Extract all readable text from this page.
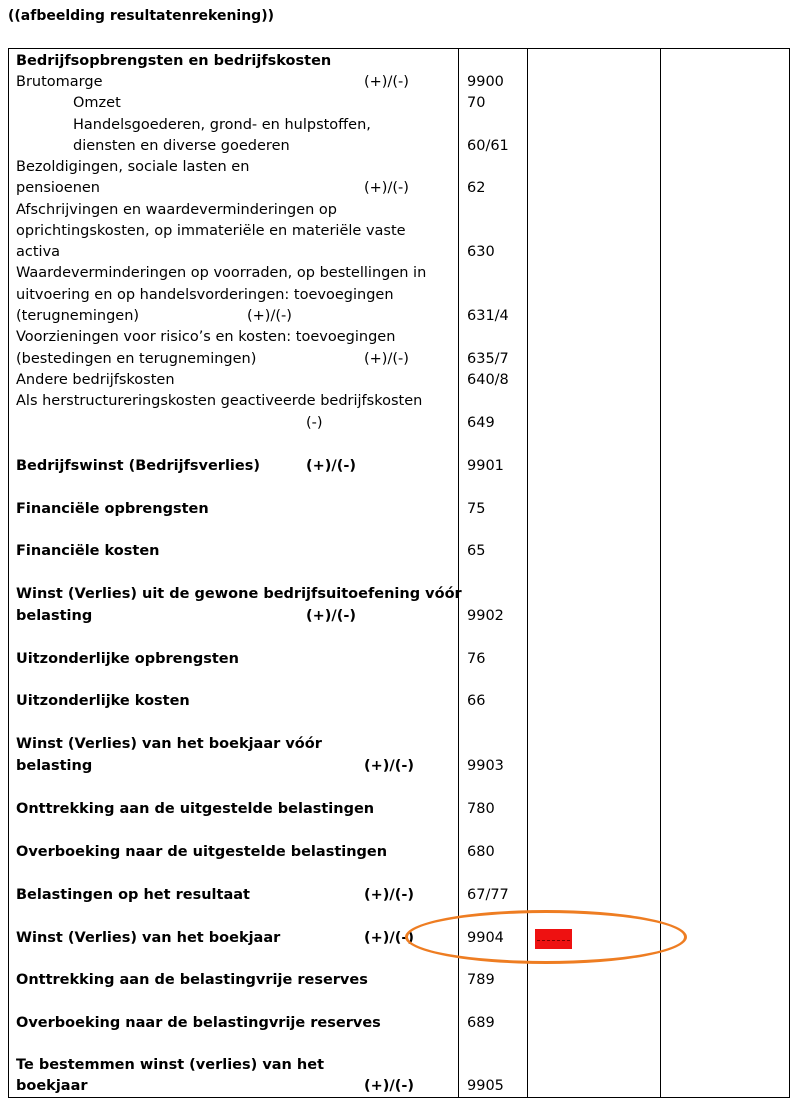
((afbeelding resultatenrekening))
Bedrijfsopbrengsten en bedrijfskosten
Brutomarge	(+)/(-)	9900
Omzet	70
Handelsgoederen, grond- en hulpstoffen,
diensten en diverse goederen	60/61
Bezoldigingen, sociale lasten en
pensioenen	(+)/(-)	62
Afschrijvingen en waardeverminderingen op
oprichtingskosten, op immateriële en materiële vaste
activa	630
Waardeverminderingen op voorraden, op bestellingen in
uitvoering en op handelsvorderingen: toevoegingen
(terugnemingen)	(+)/(-)	631/4
Voorzieningen voor risico’s en kosten: toevoegingen
(bestedingen en terugnemingen)	(+)/(-)	635/7
Andere bedrijfskosten	640/8
Als herstructureringskosten geactiveerde bedrijfskosten
(-)	649
Bedrijfswinst (Bedrijfsverlies)	(+)/(-)	9901
Financiële opbrengsten	75
Financiële kosten	65
Winst (Verlies) uit de gewone bedrijfsuitoefening vóór
belasting	(+)/(-)	9902
Uitzonderlijke opbrengsten	76
Uitzonderlijke kosten	66
Winst (Verlies) van het boekjaar vóór
belasting	(+)/(-)	9903
Onttrekking aan de uitgestelde belastingen	780
Overboeking naar de uitgestelde belastingen	680
Belastingen op het resultaat	(+)/(-)	67/77
Winst (Verlies) van het boekjaar	(+)/(-)	9904
Onttrekking aan de belastingvrije reserves	789
Overboeking naar de belastingvrije reserves	689
Te bestemmen winst (verlies) van het
boekjaar	(+)/(-)	9905
